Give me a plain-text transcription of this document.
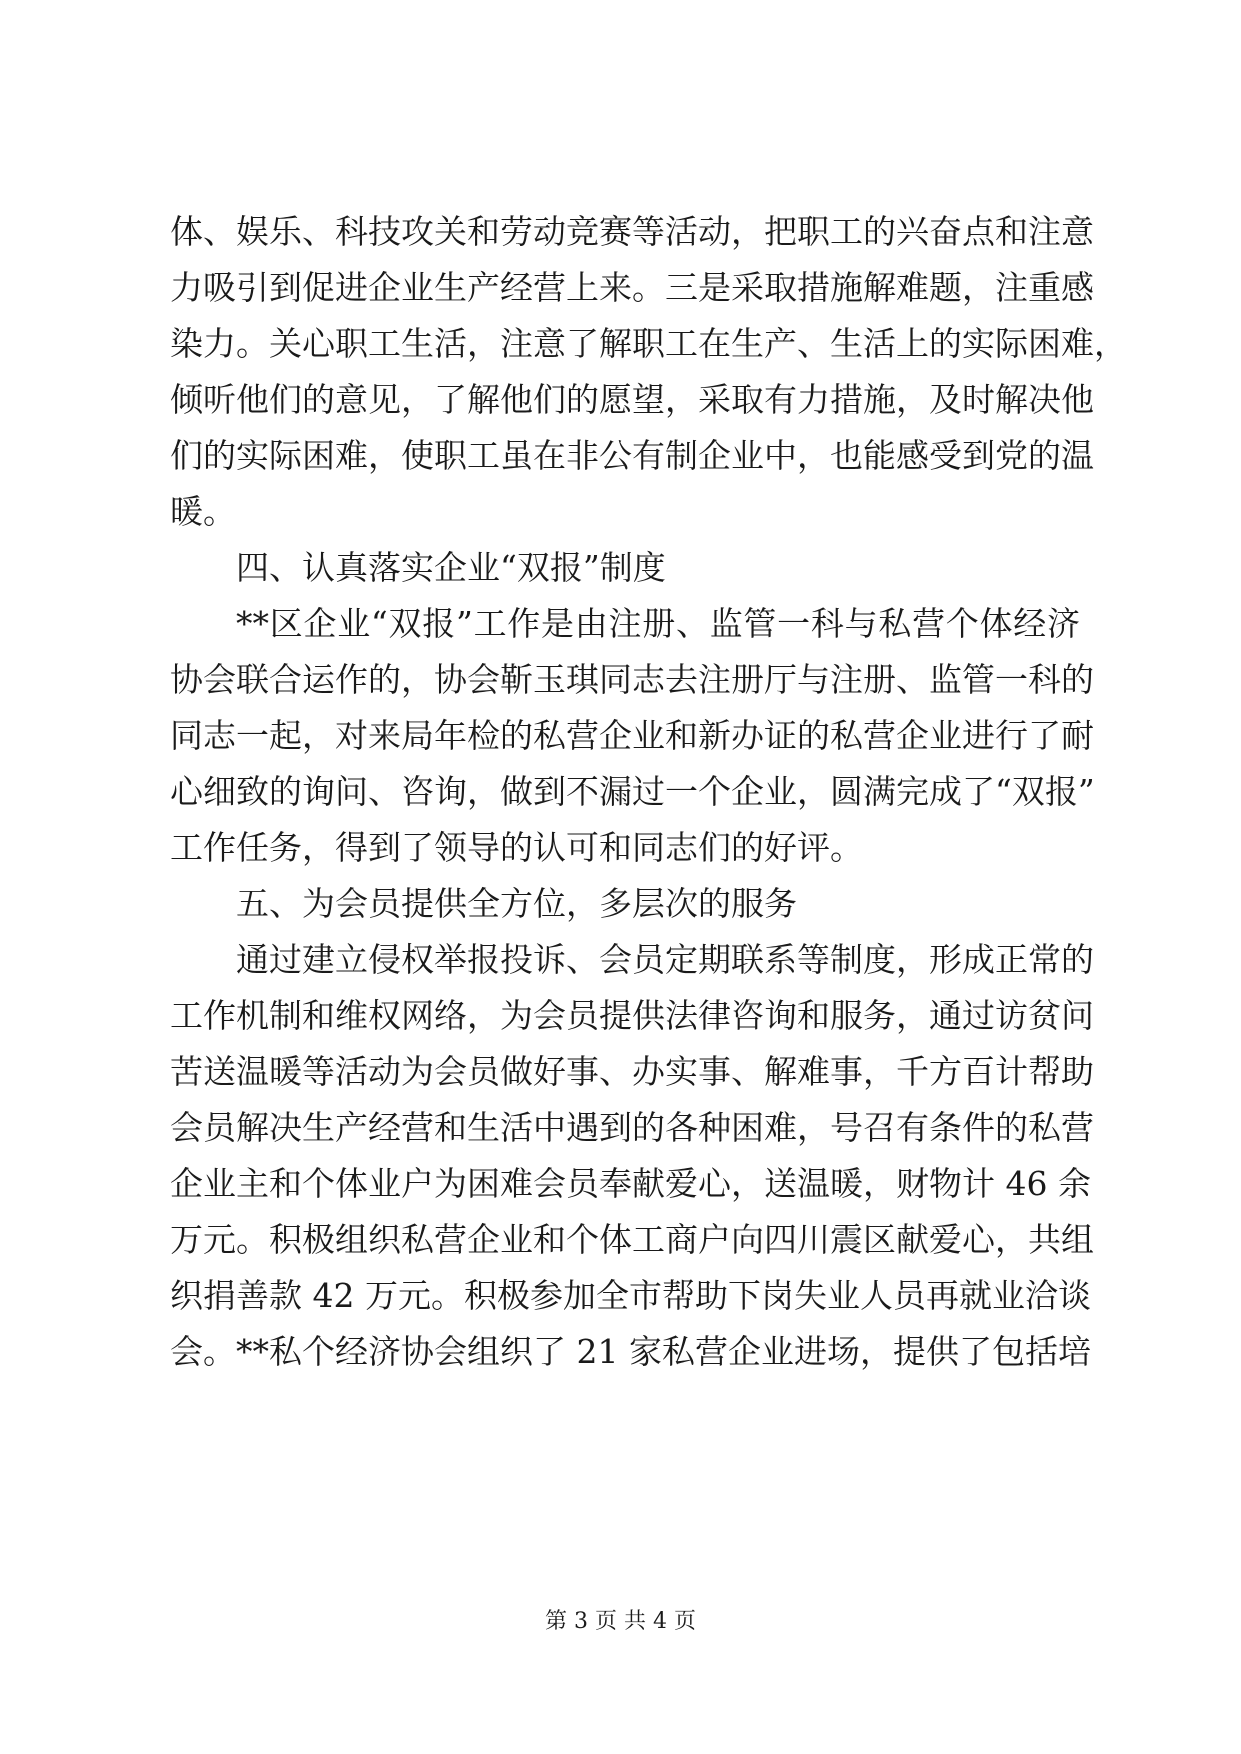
体、娱乐、科技攻关和劳动竞赛等活动，把职工的兴奋点和注意
力吸引到促进企业生产经营上来。三是采取措施解难题，注重感
染力。关心职工生活，注意了解职工在生产、生活上的实际困难，
倾听他们的意见，了解他们的愿望，采取有力措施，及时解决他
们的实际困难，使职工虽在非公有制企业中，也能感受到党的温
暖。
四、认真落实企业“双报”制度
**区企业“双报”工作是由注册、监管一科与私营个体经济
协会联合运作的，协会靳玉琪同志去注册厅与注册、监管一科的
同志一起，对来局年检的私营企业和新办证的私营企业进行了耐
心细致的询问、咨询，做到不漏过一个企业，圆满完成了“双报”
工作任务，得到了领导的认可和同志们的好评。
五、为会员提供全方位，多层次的服务
通过建立侵权举报投诉、会员定期联系等制度，形成正常的
工作机制和维权网络，为会员提供法律咨询和服务，通过访贫问
苦送温暖等活动为会员做好事、办实事、解难事，千方百计帮助
会员解决生产经营和生活中遇到的各种困难，号召有条件的私营
企业主和个体业户为困难会员奉献爱心，送温暖，财物计 46 余
万元。积极组织私营企业和个体工商户向四川震区献爱心，共组
织捐善款 42 万元。积极参加全市帮助下岗失业人员再就业洽谈
会。**私个经济协会组织了 21 家私营企业进场，提供了包括培
第 3 页 共 4 页
